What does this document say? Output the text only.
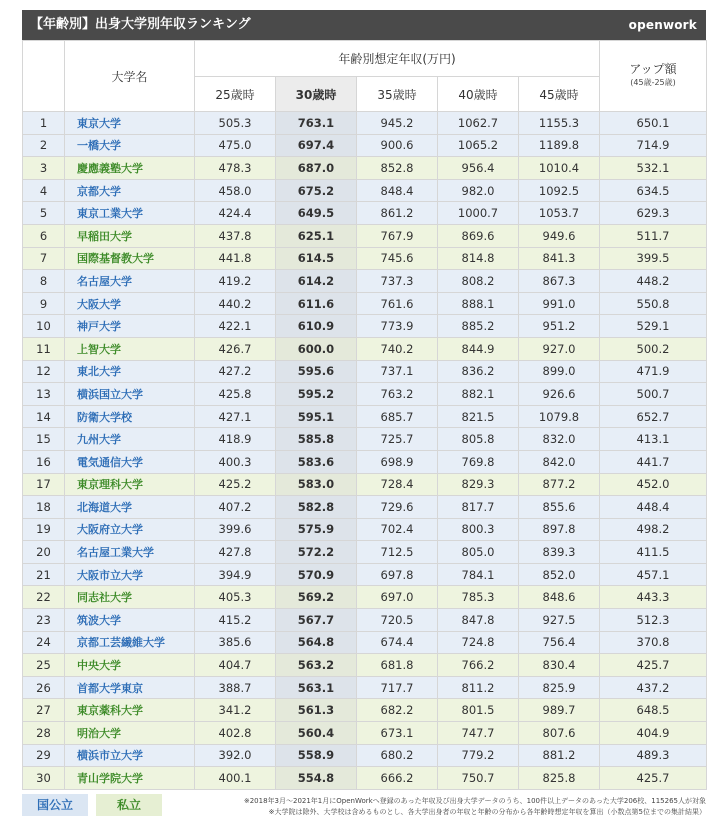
【年齢別】出身大学別年収ランキング	openwork
	大学名	年齢別想定年収(万円)					アップ額
(45歳-25歳)

		25歳時	30歳時	35歳時	40歳時	45歳時	
1	東京大学	505.3	763.1	945.2	1062.7	1155.3	650.1
2	一橋大学	475.0	697.4	900.6	1065.2	1189.8	714.9
3	慶應義塾大学	478.3	687.0	852.8	956.4	1010.4	532.1
4	京都大学	458.0	675.2	848.4	982.0	1092.5	634.5
5	東京工業大学	424.4	649.5	861.2	1000.7	1053.7	629.3
6	早稲田大学	437.8	625.1	767.9	869.6	949.6	511.7
7	国際基督教大学	441.8	614.5	745.6	814.8	841.3	399.5
8	名古屋大学	419.2	614.2	737.3	808.2	867.3	448.2
9	大阪大学	440.2	611.6	761.6	888.1	991.0	550.8
10	神戸大学	422.1	610.9	773.9	885.2	951.2	529.1
11	上智大学	426.7	600.0	740.2	844.9	927.0	500.2
12	東北大学	427.2	595.6	737.1	836.2	899.0	471.9
13	横浜国立大学	425.8	595.2	763.2	882.1	926.6	500.7
14	防衛大学校	427.1	595.1	685.7	821.5	1079.8	652.7
15	九州大学	418.9	585.8	725.7	805.8	832.0	413.1
16	電気通信大学	400.3	583.6	698.9	769.8	842.0	441.7
17	東京理科大学	425.2	583.0	728.4	829.3	877.2	452.0
18	北海道大学	407.2	582.8	729.6	817.7	855.6	448.4
19	大阪府立大学	399.6	575.9	702.4	800.3	897.8	498.2
20	名古屋工業大学	427.8	572.2	712.5	805.0	839.3	411.5
21	大阪市立大学	394.9	570.9	697.8	784.1	852.0	457.1
22	同志社大学	405.3	569.2	697.0	785.3	848.6	443.3
23	筑波大学	415.2	567.7	720.5	847.8	927.5	512.3
24	京都工芸繊維大学	385.6	564.8	674.4	724.8	756.4	370.8
25	中央大学	404.7	563.2	681.8	766.2	830.4	425.7
26	首都大学東京	388.7	563.1	717.7	811.2	825.9	437.2
27	東京薬科大学	341.2	561.3	682.2	801.5	989.7	648.5
28	明治大学	402.8	560.4	673.1	747.7	807.6	404.9
29	横浜市立大学	392.0	558.9	680.2	779.2	881.2	489.3
30	青山学院大学	400.1	554.8	666.2	750.7	825.8	425.7
国公立	私立	※2018年3月〜2021年1月にOpenWorkへ登録のあった年収及び出身大学データのうち、100件以上データのあった大学206校、115265人が対象
※大学院は除外、大学校は含めるものとし、各大学出身者の年収と年齢の分布から各年齢時想定年収を算出（小数点第5位までの集計結果）
